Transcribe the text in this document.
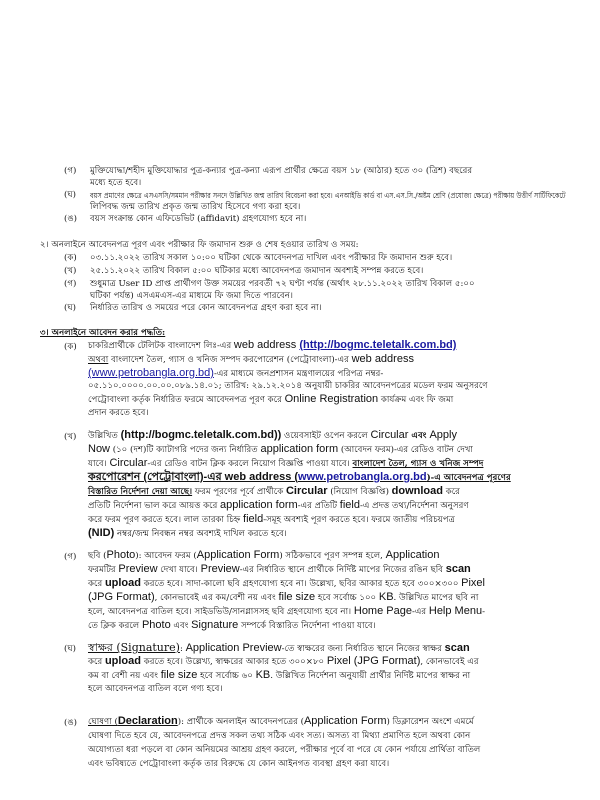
(গ) মুক্তিযোদ্ধা/শহীদ মুক্তিযোদ্ধার পুত্র-কন্যার পুত্র-কন্যা এরূপ প্রার্থীর ক্ষেত্রে বয়স ১৮ (আঠার) হতে ৩০ (ত্রিশ) বছরের
মধ্যে হতে হবে।
(ঘ) বয়স প্রমাণের ক্ষেত্রে এসএসসি/সমমান পরীক্ষার সনদে উল্লিখিত জন্ম তারিখ বিবেচনা করা হবে। এনআইডি কার্ড বা এস.এস.সি./অষ্টম শ্রেণি (প্রযোজ্য ক্ষেত্রে) পরীক্ষায় উত্তীর্ণ সার্টিফিকেটে
লিপিবদ্ধ জন্ম তারিখ প্রকৃত জন্ম তারিখ হিসেবে গণ্য করা হবে।
(ঙ) বয়স সংক্রান্ত কোন এফিডেভিট (affidavit) গ্রহণযোগ্য হবে না।
২। অনলাইনে আবেদনপত্র পূরণ এবং পরীক্ষার ফি জমাদান শুরু ও শেষ হওয়ার তারিখ ও সময়:
(ক) ০৩.১১.২০২২ তারিখ সকাল ১০:০০ ঘটিকা থেকে আবেদনপত্র দাখিল এবং পরীক্ষার ফি জমাদান শুরু হবে।
(খ) ২৫.১১.২০২২ তারিখ বিকাল ৫:০০ ঘটিকার মধ্যে আবেদনপত্র জমাদান অবশ্যই সম্পন্ন করতে হবে।
(গ) শুধুমাত্র User ID প্রাপ্ত প্রার্থীগণ উক্ত সময়ের পরবর্তী ৭২ ঘণ্টা পর্যন্ত (অর্থাৎ ২৮.১১.২০২২ তারিখ বিকাল ৫:০০
ঘটিকা পর্যন্ত) এসএমএস-এর মাধ্যমে ফি জমা দিতে পারবেন।
(ঘ) নির্ধারিত তারিখ ও সময়ের পরে কোন আবেদনপত্র গ্রহণ করা হবে না।
৩। অনলাইনে আবেদন করার পদ্ধতি:
(ক) চাকরিপ্রার্থীকে টেলিটক বাংলাদেশ লিঃ-এর web address (http://bogmc.teletalk.com.bd)
অথবা বাংলাদেশ তৈল, গ্যাস ও খনিজ সম্পদ করপোরেশন (পেট্রোবাংলা)-এর web address
(www.petrobangla.org.bd)-এর মাধ্যমে জনপ্রশাসন মন্ত্রণালয়ের পরিপত্র নম্বর-
০৫.১১০.০০০০.০০.০০.০৮৯.১৪.০১; তারিখ: ২৯.১২.২০১৪ অনুযায়ী চাকরির আবেদনপত্রের মডেল ফরম অনুসরণে
পেট্রোবাংলা কর্তৃক নির্ধারিত ফরমে আবেদনপত্র পূরণ করে Online Registration কার্যক্রম এবং ফি জমা
প্রদান করতে হবে।
(খ) উল্লিখিত (http://bogmc.teletalk.com.bd)) ওয়েবসাইট ওপেন করলে Circular এবং Apply
Now (১০ (দশ)টি ক্যাটাগরি পদের জন্য নির্ধারিত application form (আবেদন ফরম)-এর রেডিও বাটন দেখা
যাবে। Circular-এর রেডিও বাটন ক্লিক করলে নিয়োগ বিজ্ঞপ্তি পাওয়া যাবে। বাংলাদেশ তৈল, গ্যাস ও খনিজ সম্পদ
করপোরেশন (পেট্রোবাংলা)-এর web address (www.petrobangla.org.bd)-এ আবেদনপত্র পূরণের
বিস্তারিত নির্দেশনা দেয়া আছে। ফরম পূরণের পূর্বে প্রার্থীকে Circular (নিয়োগ বিজ্ঞপ্তি) download করে
প্রতিটি নির্দেশনা ভাল করে আয়ত্ত করে application form-এর প্রতিটি field-এ প্রদত্ত তথ্য/নির্দেশনা অনুসরণ
করে ফরম পূরণ করতে হবে। লাল তারকা চিহ্ন field-সমূহ অবশ্যই পূরণ করতে হবে। ফরমে জাতীয় পরিচয়পত্র
(NID) নম্বর/জন্ম নিবন্ধন নম্বর অবশ্যই দাখিল করতে হবে।
(গ) ছবি (Photo): আবেদন ফরম (Application Form) সঠিকভাবে পূরণ সম্পন্ন হলে, Application
ফরমটির Preview দেখা যাবে। Preview-এর নির্ধারিত স্থানে প্রার্থীকে নির্দিষ্ট মাপের নিজের রঙিন ছবি scan
করে upload করতে হবে। সাদা-কালো ছবি গ্রহণযোগ্য হবে না। উল্লেখ্য, ছবির আকার হতে হবে ৩০০×৩০০ Pixel
(JPG Format), কোনভাবেই এর কম/বেশী নয় এবং file size হবে সর্বোচ্চ ১০০ KB. উল্লিখিত মাপের ছবি না
হলে, আবেদনপত্র বাতিল হবে। সাইডভিউ/সানগ্লাসসহ ছবি গ্রহণযোগ্য হবে না। Home Page-এর Help Menu-
তে ক্লিক করলে Photo এবং Signature সম্পর্কে বিস্তারিত নির্দেশনা পাওয়া যাবে।
(ঘ) স্বাক্ষর (Signature): Application Preview-তে স্বাক্ষরের জন্য নির্ধারিত স্থানে নিজের স্বাক্ষর scan
করে upload করতে হবে। উল্লেখ্য, স্বাক্ষরের আকার হতে ৩০০×৮০ Pixel (JPG Format), কোনভাবেই এর
কম বা বেশী নয় এবং file size হবে সর্বোচ্চ ৬০ KB. উল্লিখিত নির্দেশনা অনুযায়ী প্রার্থীর নির্দিষ্ট মাপের স্বাক্ষর না
হলে আবেদনপত্র বাতিল বলে গণ্য হবে।
(ঙ) ঘোষণা (Declaration): প্রার্থীকে অনলাইন আবেদনপত্রের (Application Form) ডিক্লারেশন অংশে এমর্মে
ঘোষণা দিতে হবে যে, আবেদনপত্রে প্রদত্ত সকল তথ্য সঠিক এবং সত্য। অসত্য বা মিথ্যা প্রমাণিত হলে অথবা কোন
অযোগ্যতা ধরা পড়লে বা কোন অনিয়মের আশ্রয় গ্রহণ করলে, পরীক্ষার পূর্বে বা পরে যে কোন পর্যায়ে প্রার্থিতা বাতিল
এবং ভবিষ্যতে পেট্রোবাংলা কর্তৃক তার বিরুদ্ধে যে কোন আইনগত ব্যবস্থা গ্রহণ করা যাবে।
